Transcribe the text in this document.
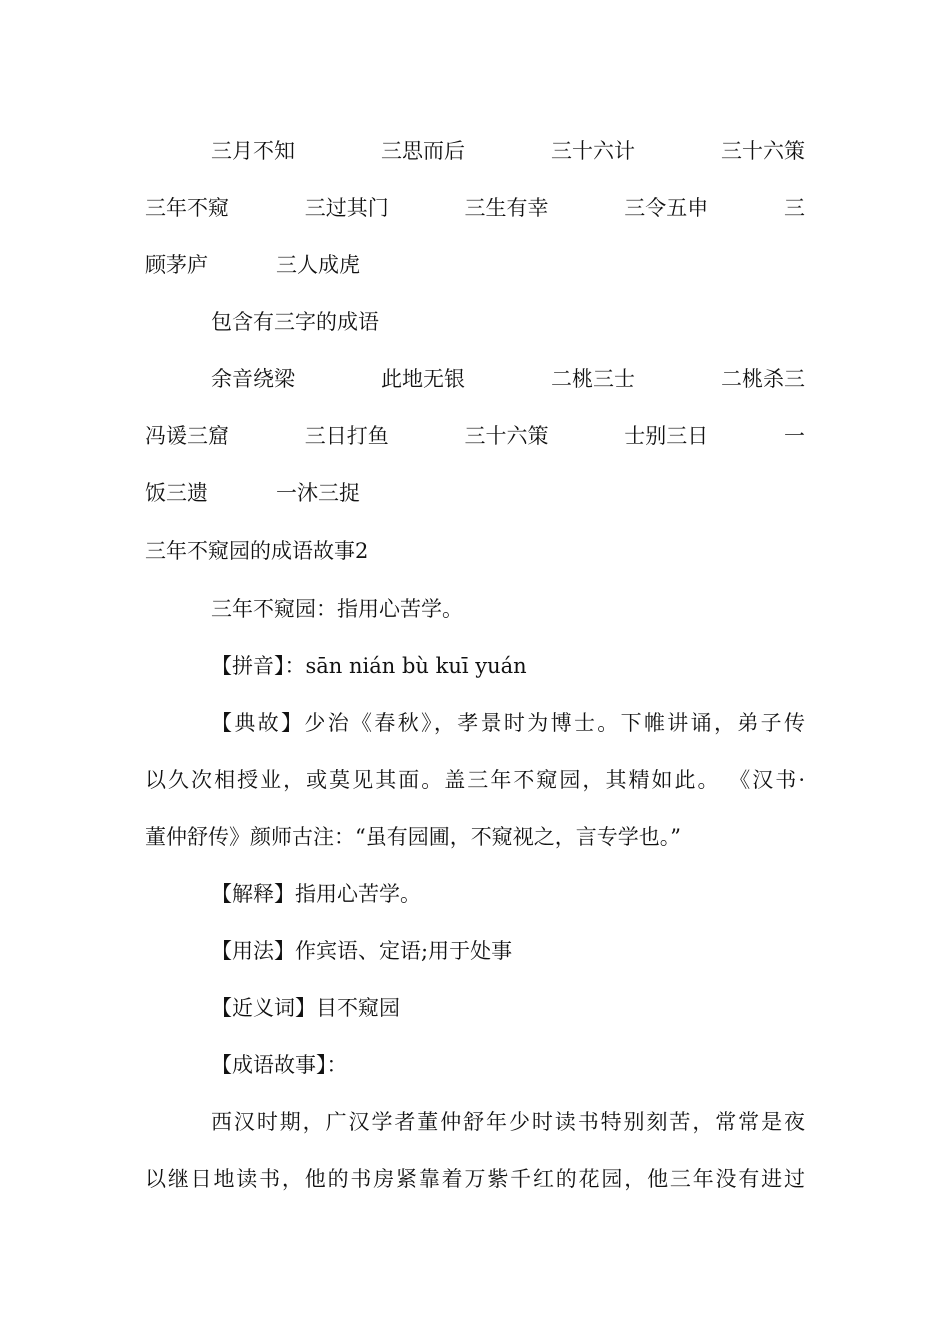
三月不知	三思而后	三十六计	三十六策
三年不窥	三过其门	三生有幸	三令五申	三
顾茅庐	三人成虎
包含有三字的成语
余音绕梁	此地无银	二桃三士	二桃杀三
冯谖三窟	三日打鱼	三十六策	士别三日	一
饭三遗	一沐三捉
三年不窥园的成语故事2
三年不窥园：指用心苦学。
【拼音】：sān nián bù kuī yuán
【典故】少治《春秋》，孝景时为博士。下帷讲诵，弟子传
以久次相授业，或莫见其面。盖三年不窥园，其精如此。 《汉书·
董仲舒传》颜师古注：“虽有园圃，不窥视之，言专学也。”
【解释】指用心苦学。
【用法】作宾语、定语;用于处事
【近义词】目不窥园
【成语故事】：
西汉时期，广汉学者董仲舒年少时读书特别刻苦，常常是夜
以继日地读书，他的书房紧靠着万紫千红的花园，他三年没有进过
